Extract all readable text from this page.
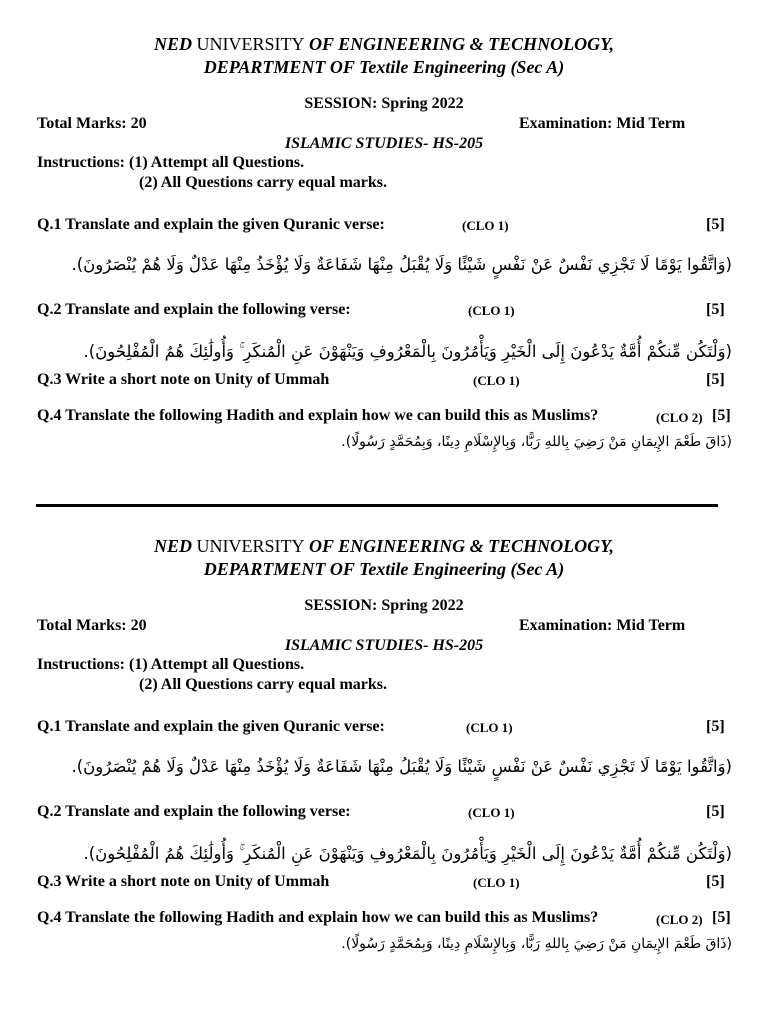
NED UNIVERSITY OF ENGINEERING & TECHNOLOGY,
DEPARTMENT OF Textile Engineering (Sec A)
SESSION: Spring 2022
Total Marks: 20	Examination: Mid Term
ISLAMIC STUDIES- HS-205
Instructions: (1) Attempt all Questions.
(2) All Questions carry equal marks.
Q.1 Translate and explain the given Quranic verse:	(CLO 1)	[5]
(وَاتَّقُوا يَوْمًا لَا تَجْزِي نَفْسٌ عَنْ نَفْسٍ شَيْئًا وَلَا يُقْبَلُ مِنْهَا شَفَاعَةٌ وَلَا يُؤْخَذُ مِنْهَا عَدْلٌ وَلَا هُمْ يُنْصَرُونَ).
Q.2 Translate and explain the following verse:	(CLO 1)	[5]
(وَلْتَكُن مِّنكُمْ أُمَّةٌ يَدْعُونَ إِلَى الْخَيْرِ وَيَأْمُرُونَ بِالْمَعْرُوفِ وَيَنْهَوْنَ عَنِ الْمُنكَرِ ۚ وَأُولَٰئِكَ هُمُ الْمُفْلِحُونَ).
Q.3 Write a short note on Unity of Ummah	(CLO 1)	[5]
Q.4 Translate the following Hadith and explain how we can build this as Muslims?	(CLO 2) [5]
(ذَاقَ طَعْمَ الإِيمَانِ مَنْ رَضِيَ بِاللهِ رَبًّا، وَبِالإِسْلَامِ دِينًا، وَبِمُحَمَّدٍ رَسُولًا).
NED UNIVERSITY OF ENGINEERING & TECHNOLOGY,
DEPARTMENT OF Textile Engineering (Sec A)
SESSION: Spring 2022
Total Marks: 20	Examination: Mid Term
ISLAMIC STUDIES- HS-205
Instructions: (1) Attempt all Questions.
(2) All Questions carry equal marks.
Q.1 Translate and explain the given Quranic verse:	(CLO 1)	[5]
(وَاتَّقُوا يَوْمًا لَا تَجْزِي نَفْسٌ عَنْ نَفْسٍ شَيْئًا وَلَا يُقْبَلُ مِنْهَا شَفَاعَةٌ وَلَا يُؤْخَذُ مِنْهَا عَدْلٌ وَلَا هُمْ يُنْصَرُونَ).
Q.2 Translate and explain the following verse:	(CLO 1)	[5]
(وَلْتَكُن مِّنكُمْ أُمَّةٌ يَدْعُونَ إِلَى الْخَيْرِ وَيَأْمُرُونَ بِالْمَعْرُوفِ وَيَنْهَوْنَ عَنِ الْمُنكَرِ ۚ وَأُولَٰئِكَ هُمُ الْمُفْلِحُونَ).
Q.3 Write a short note on Unity of Ummah	(CLO 1)	[5]
Q.4 Translate the following Hadith and explain how we can build this as Muslims?	(CLO 2) [5]
(ذَاقَ طَعْمَ الإِيمَانِ مَنْ رَضِيَ بِاللهِ رَبًّا، وَبِالإِسْلَامِ دِينًا، وَبِمُحَمَّدٍ رَسُولًا).
